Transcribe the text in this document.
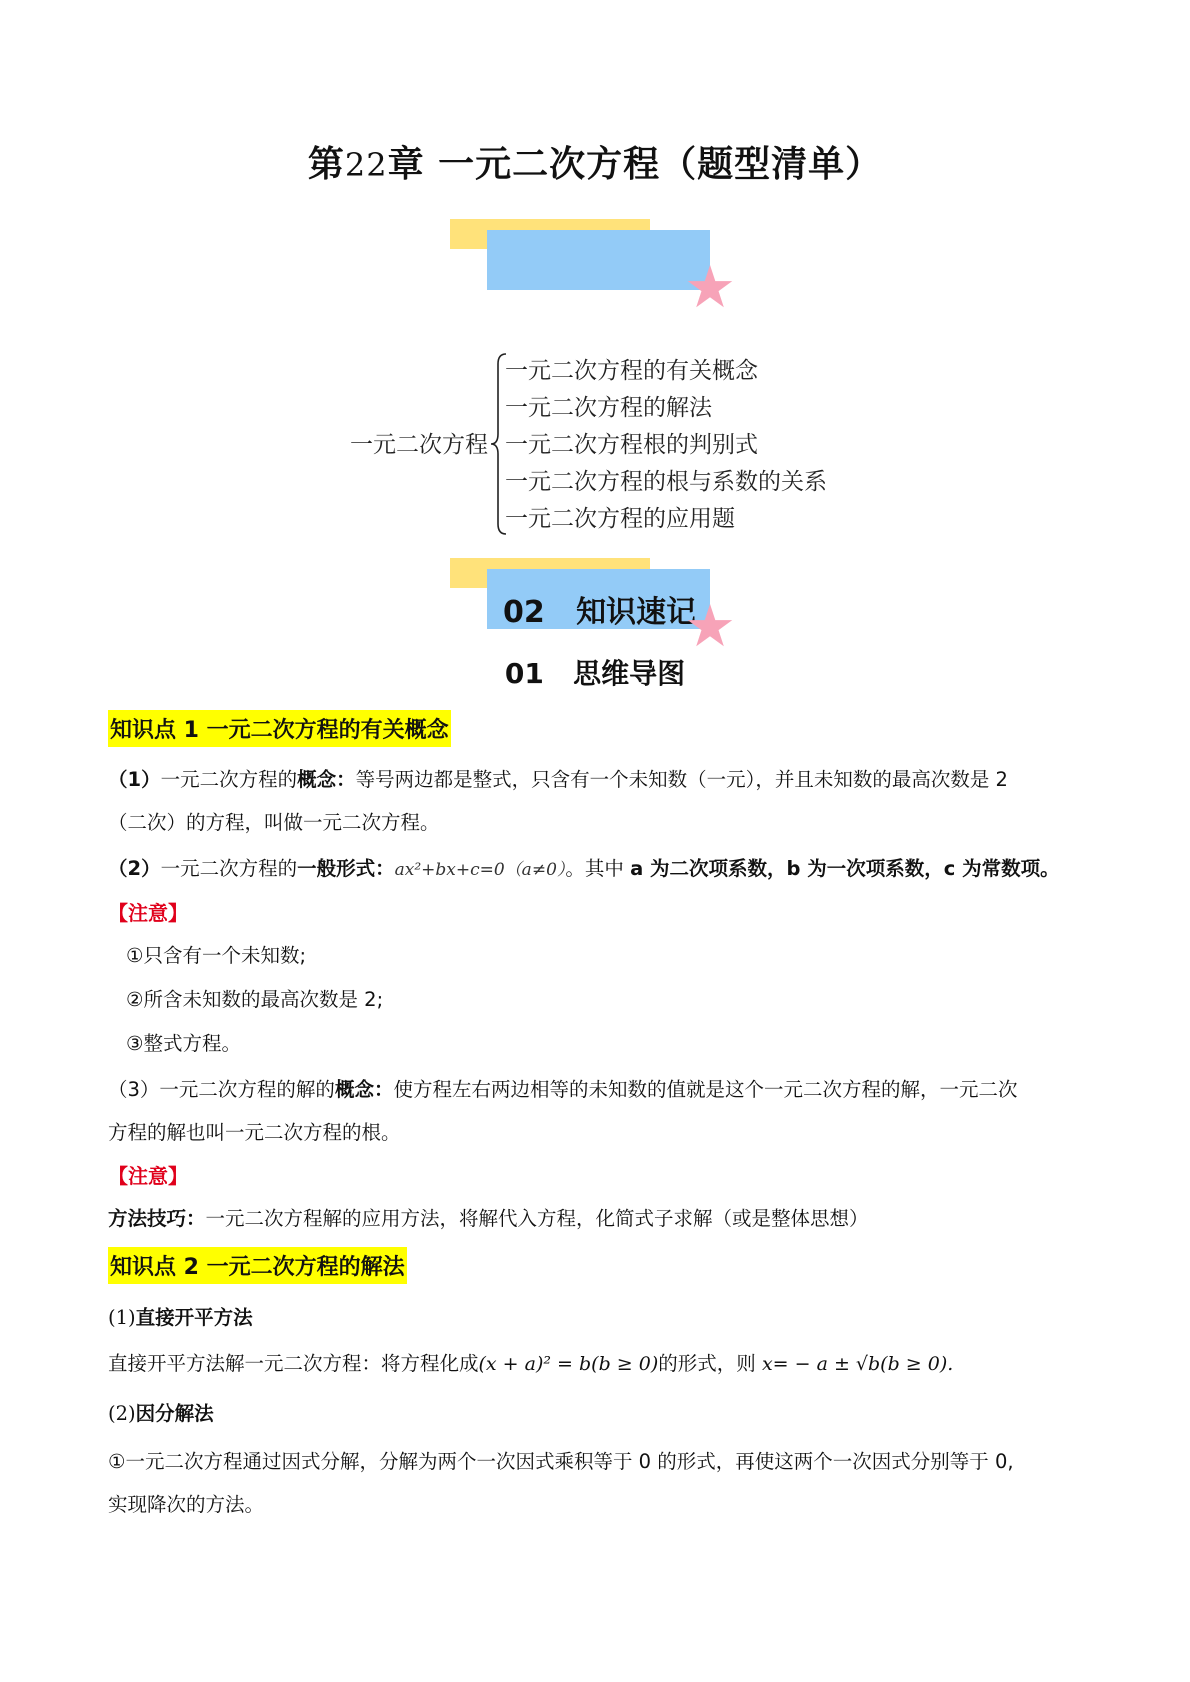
第22章 一元二次方程（题型清单）
★
一元二次方程
一元二次方程的有关概念
一元二次方程的解法
一元二次方程根的判别式
一元二次方程的根与系数的关系
一元二次方程的应用题
02   知识速记
★
01   思维导图
知识点 1 一元二次方程的有关概念
（1）一元二次方程的概念：等号两边都是整式，只含有一个未知数（一元），并且未知数的最高次数是 2
（二次）的方程，叫做一元二次方程。
（2）一元二次方程的一般形式：ax²+bx+c=0（a≠0）。其中 a 为二次项系数，b 为一次项系数，c 为常数项。
【注意】
①只含有一个未知数;
②所含未知数的最高次数是 2;
③整式方程。
（3）一元二次方程的解的概念：使方程左右两边相等的未知数的值就是这个一元二次方程的解，一元二次
方程的解也叫一元二次方程的根。
【注意】
方法技巧：一元二次方程解的应用方法，将解代入方程，化简式子求解（或是整体思想）
知识点 2 一元二次方程的解法
(1)直接开平方法
直接开平方法解一元二次方程：将方程化成(x + a)² = b(b ≥ 0)的形式，则 x= − a ± √b(b ≥ 0).
(2)因分解法
①一元二次方程通过因式分解，分解为两个一次因式乘积等于 0 的形式，再使这两个一次因式分别等于 0,
实现降次的方法。
